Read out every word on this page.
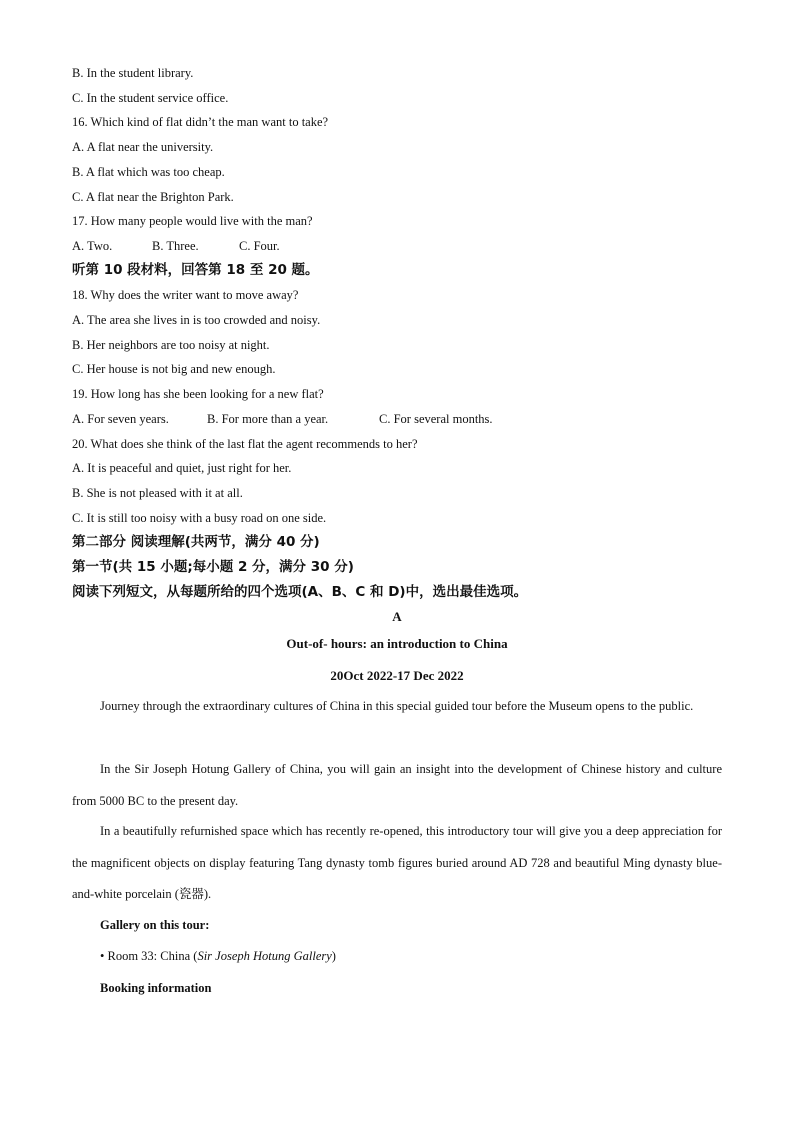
B. In the student library.
C. In the student service office.
16. Which kind of flat didn’t the man want to take?
A. A flat near the university.
B. A flat which was too cheap.
C. A flat near the Brighton Park.
17. How many people would live with the man?
A. Two.	B. Three.	C. Four.
听第 10 段材料，回答第 18 至 20 题。
18. Why does the writer want to move away?
A. The area she lives in is too crowded and noisy.
B. Her neighbors are too noisy at night.
C. Her house is not big and new enough.
19. How long has she been looking for a new flat?
A. For seven years.	B. For more than a year.	C. For several months.
20. What does she think of the last flat the agent recommends to her?
A. It is peaceful and quiet, just right for her.
B. She is not pleased with it at all.
C. It is still too noisy with a busy road on one side.
第二部分 阅读理解(共两节，满分 40 分)
第一节(共 15 小题;每小题 2 分，满分 30 分)
阅读下列短文，从每题所给的四个选项(A、B、C 和 D)中，选出最佳选项。
A
Out-of- hours: an introduction to China
20Oct 2022-17 Dec 2022
Journey through the extraordinary cultures of China in this special guided tour before the Museum opens to the public.
In the Sir Joseph Hotung Gallery of China, you will gain an insight into the development of Chinese history and culture from 5000 BC to the present day.
In a beautifully refurnished space which has recently re-opened, this introductory tour will give you a deep appreciation for the magnificent objects on display featuring Tang dynasty tomb figures buried around AD 728 and beautiful Ming dynasty blue-and-white porcelain (瓷器).
Gallery on this tour:
• Room 33: China (Sir Joseph Hotung Gallery)
Booking information
